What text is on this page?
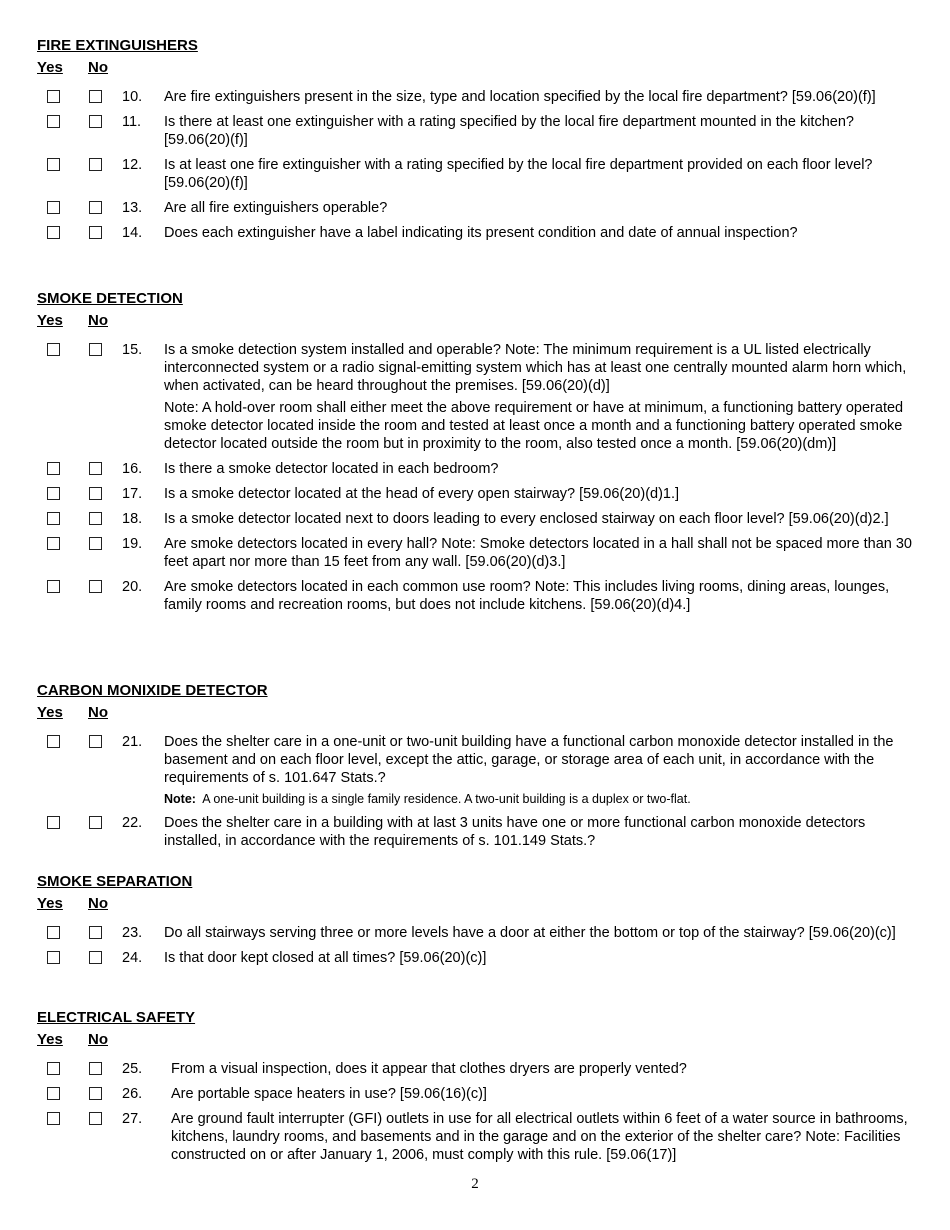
FIRE EXTINGUISHERS
Yes No
10. Are fire extinguishers present in the size, type and location specified by the local fire department? [59.06(20)(f)]

11. Is there at least one extinguisher with a rating specified by the local fire department mounted in the kitchen? [59.06(20)(f)]

12. Is at least one fire extinguisher with a rating specified by the local fire department provided on each floor level? [59.06(20)(f)]

13. Are all fire extinguishers operable?

14. Does each extinguisher have a label indicating its present condition and date of annual inspection?

SMOKE DETECTION
Yes No
15. Is a smoke detection system installed and operable? Note: The minimum requirement is a UL listed electrically interconnected system or a radio signal-emitting system which has at least one centrally mounted alarm horn which, when activated, can be heard throughout the premises. [59.06(20)(d)]

Note: A hold-over room shall either meet the above requirement or have at minimum, a functioning battery operated smoke detector located inside the room and tested at least once a month and a functioning battery operated smoke detector located outside the room but in proximity to the room, also tested once a month. [59.06(20)(dm)]

16. Is there a smoke detector located in each bedroom?

17. Is a smoke detector located at the head of every open stairway? [59.06(20)(d)1.]

18. Is a smoke detector located next to doors leading to every enclosed stairway on each floor level? [59.06(20)(d)2.]

19. Are smoke detectors located in every hall? Note: Smoke detectors located in a hall shall not be spaced more than 30 feet apart nor more than 15 feet from any wall. [59.06(20)(d)3.]

20. Are smoke detectors located in each common use room? Note: This includes living rooms, dining areas, lounges, family rooms and recreation rooms, but does not include kitchens. [59.06(20)(d)4.]

CARBON MONIXIDE DETECTOR
Yes No
21. Does the shelter care in a one-unit or two-unit building have a functional carbon monoxide detector installed in the basement and on each floor level, except the attic, garage, or storage area of each unit, in accordance with the requirements of s. 101.647 Stats.?

Note: A one-unit building is a single family residence. A two-unit building is a duplex or two-flat.
22. Does the shelter care in a building with at last 3 units have one or more functional carbon monoxide detectors installed, in accordance with the requirements of s. 101.149 Stats.?

SMOKE SEPARATION
Yes No
23. Do all stairways serving three or more levels have a door at either the bottom or top of the stairway? [59.06(20)(c)]

24. Is that door kept closed at all times? [59.06(20)(c)]

ELECTRICAL SAFETY
Yes No
25. From a visual inspection, does it appear that clothes dryers are properly vented?

26. Are portable space heaters in use? [59.06(16)(c)]

27. Are ground fault interrupter (GFI) outlets in use for all electrical outlets within 6 feet of a water source in bathrooms, kitchens, laundry rooms, and basements and in the garage and on the exterior of the shelter care? Note: Facilities constructed on or after January 1, 2006, must comply with this rule. [59.06(17)]

2
